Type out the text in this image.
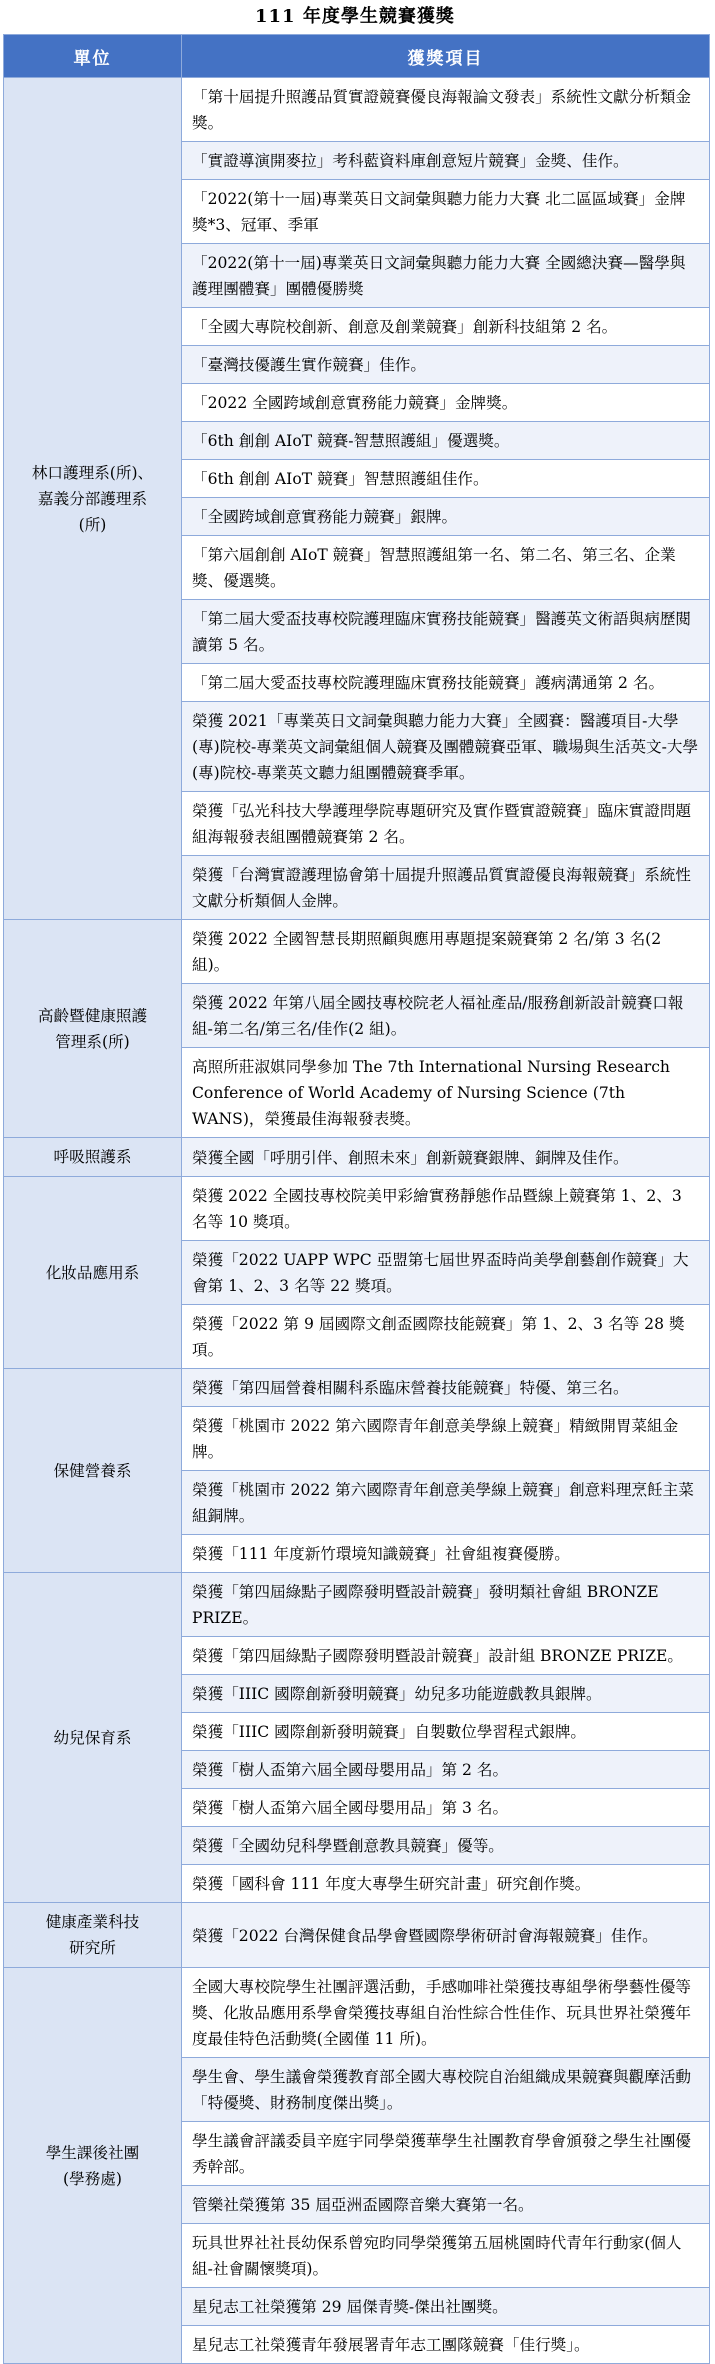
111 年度學生競賽獲獎
單位	獲獎項目

林口護理系(所)、
嘉義分部護理系
(所)	「第十屆提升照護品質實證競賽優良海報論文發表」系統性文獻分析類金獎。
	「實證導演開麥拉」考科藍資料庫創意短片競賽」金獎、佳作。
	「2022(第十一屆)專業英日文詞彙與聽力能力大賽 北二區區域賽」金牌獎*3、冠軍、季軍
	「2022(第十一屆)專業英日文詞彙與聽力能力大賽 全國總決賽—醫學與護理團體賽」團體優勝獎
	「全國大專院校創新、創意及創業競賽」創新科技組第 2 名。
	「臺灣技優護生實作競賽」佳作。
	「2022 全國跨域創意實務能力競賽」金牌獎。
	「6th 創創 AIoT 競賽-智慧照護組」優選獎。
	「6th 創創 AIoT 競賽」智慧照護組佳作。
	「全國跨域創意實務能力競賽」銀牌。
	「第六屆創創 AIoT 競賽」智慧照護組第一名、第二名、第三名、企業獎、優選獎。
	「第二屆大愛盃技專校院護理臨床實務技能競賽」醫護英文術語與病歷閱讀第 5 名。
	「第二屆大愛盃技專校院護理臨床實務技能競賽」護病溝通第 2 名。
	榮獲 2021「專業英日文詞彙與聽力能力大賽」全國賽：醫護項目-大學(專)院校-專業英文詞彙組個人競賽及團體競賽亞軍、職場與生活英文-大學(專)院校-專業英文聽力組團體競賽季軍。
	榮獲「弘光科技大學護理學院專題研究及實作暨實證競賽」臨床實證問題組海報發表組團體競賽第 2 名。
	榮獲「台灣實證護理協會第十屆提升照護品質實證優良海報競賽」系統性文獻分析類個人金牌。

高齡暨健康照護
管理系(所)	榮獲 2022 全國智慧長期照顧與應用專題提案競賽第 2 名/第 3 名(2 組)。
	榮獲 2022 年第八屆全國技專校院老人福祉產品/服務創新設計競賽口報組-第二名/第三名/佳作(2 組)。
	高照所莊淑娸同學參加 The 7th International Nursing Research Conference of World Academy of Nursing Science (7th WANS)，榮獲最佳海報發表獎。

呼吸照護系	榮獲全國「呼朋引伴、創照未來」創新競賽銀牌、銅牌及佳作。

化妝品應用系	榮獲 2022 全國技專校院美甲彩繪實務靜態作品暨線上競賽第 1、2、3 名等 10 獎項。
	榮獲「2022 UAPP WPC 亞盟第七屆世界盃時尚美學創藝創作競賽」大會第 1、2、3 名等 22 獎項。
	榮獲「2022 第 9 屆國際文創盃國際技能競賽」第 1、2、3 名等 28 獎項。

保健營養系	榮獲「第四屆營養相關科系臨床營養技能競賽」特優、第三名。
	榮獲「桃園市 2022 第六國際青年創意美學線上競賽」精緻開胃菜組金牌。
	榮獲「桃園市 2022 第六國際青年創意美學線上競賽」創意料理烹飪主菜組銅牌。
	榮獲「111 年度新竹環境知識競賽」社會組複賽優勝。

幼兒保育系	榮獲「第四屆綠點子國際發明暨設計競賽」發明類社會組 BRONZE PRIZE。
	榮獲「第四屆綠點子國際發明暨設計競賽」設計組 BRONZE PRIZE。
	榮獲「IIIC 國際創新發明競賽」幼兒多功能遊戲教具銀牌。
	榮獲「IIIC 國際創新發明競賽」自製數位學習程式銀牌。
	榮獲「樹人盃第六屆全國母嬰用品」第 2 名。
	榮獲「樹人盃第六屆全國母嬰用品」第 3 名。
	榮獲「全國幼兒科學暨創意教具競賽」優等。
	榮獲「國科會 111 年度大專學生研究計畫」研究創作獎。

健康產業科技
研究所	榮獲「2022 台灣保健食品學會暨國際學術研討會海報競賽」佳作。

學生課後社團
(學務處)	全國大專校院學生社團評選活動，手感咖啡社榮獲技專組學術學藝性優等獎、化妝品應用系學會榮獲技專組自治性綜合性佳作、玩具世界社榮獲年度最佳特色活動獎(全國僅 11 所)。
	學生會、學生議會榮獲教育部全國大專校院自治組織成果競賽與觀摩活動「特優獎、財務制度傑出獎」。
	學生議會評議委員辛庭宇同學榮獲華學生社團教育學會頒發之學生社團優秀幹部。
	管樂社榮獲第 35 屆亞洲盃國際音樂大賽第一名。
	玩具世界社社長幼保系曾宛昀同學榮獲第五屆桃園時代青年行動家(個人組-社會關懷獎項)。
	星兒志工社榮獲第 29 屆傑青獎-傑出社團獎。
	星兒志工社榮獲青年發展署青年志工團隊競賽「佳行獎」。
